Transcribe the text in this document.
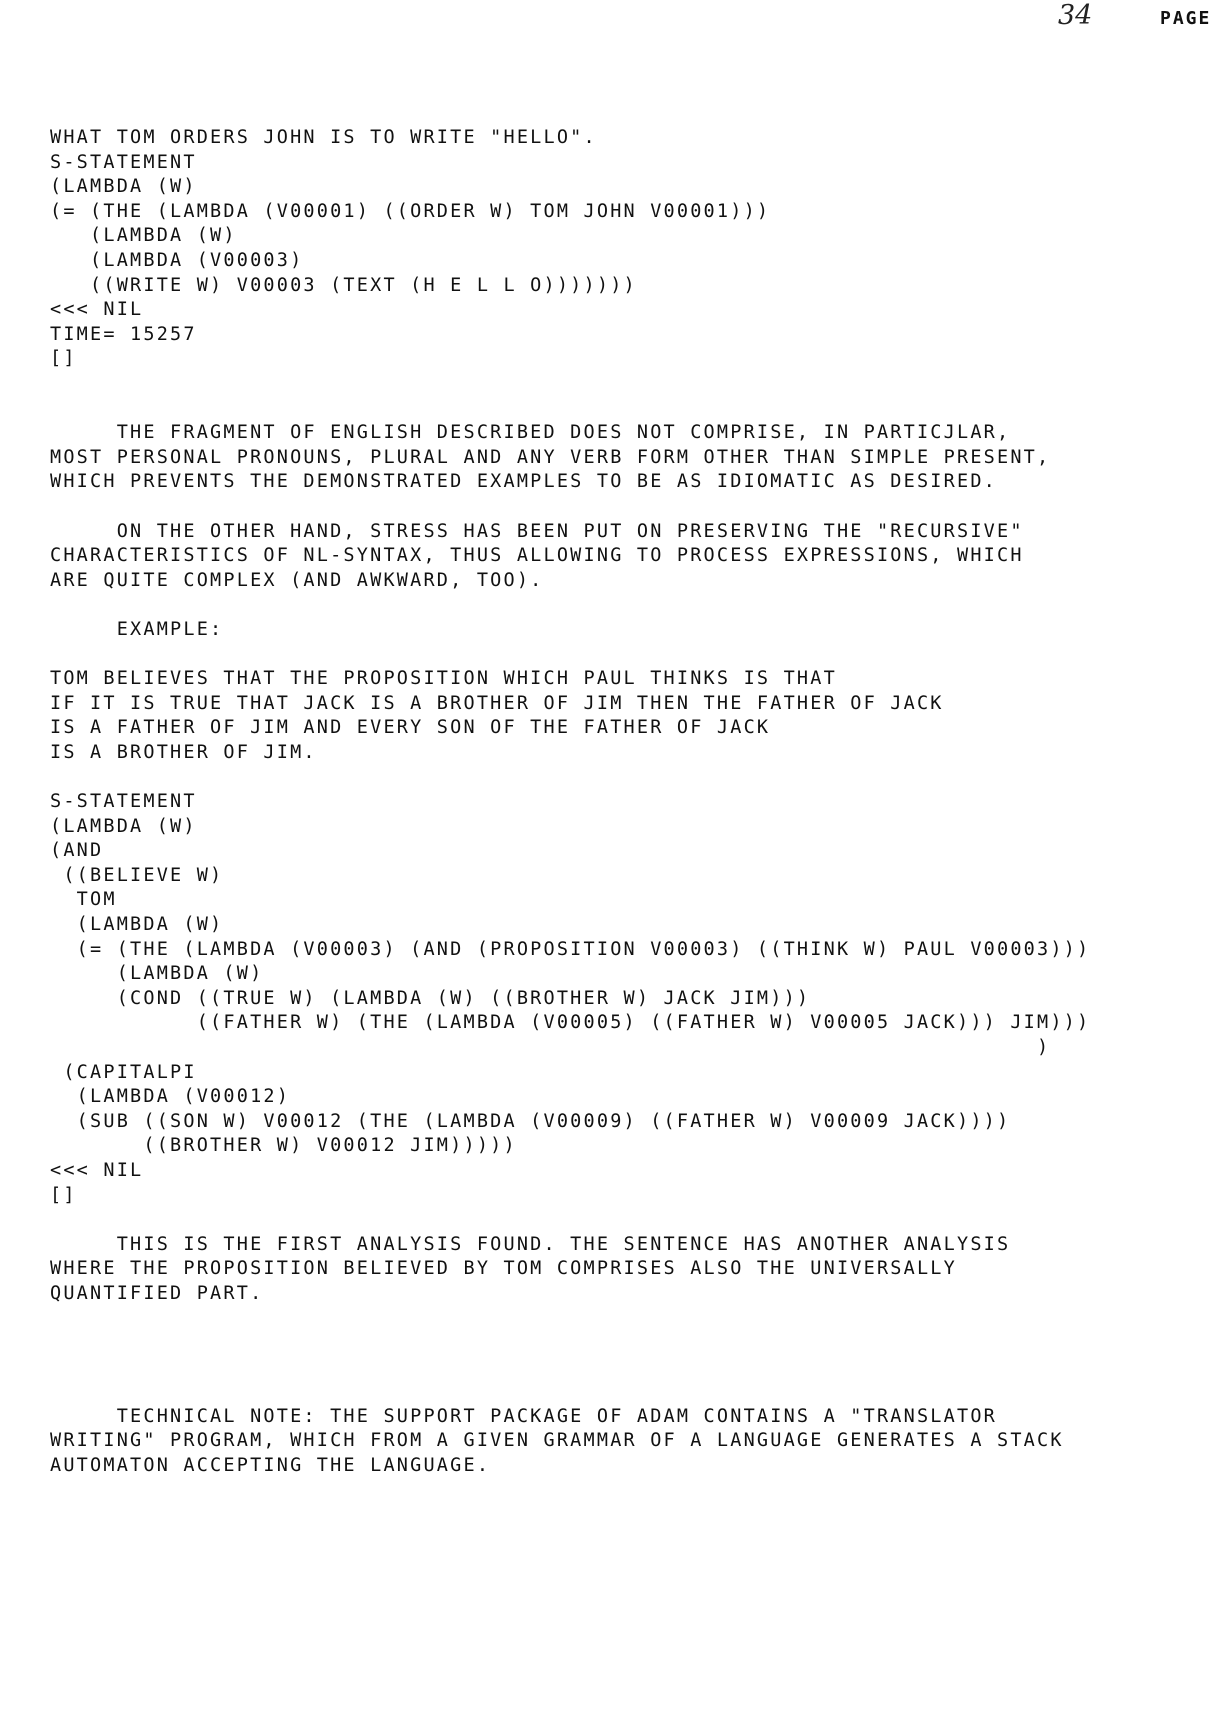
34	PAGE
WHAT TOM ORDERS JOHN IS TO WRITE "HELLO".
S-STATEMENT
(LAMBDA (W)
(= (THE (LAMBDA (V00001) ((ORDER W) TOM JOHN V00001)))
(LAMBDA (W)
(LAMBDA (V00003)
((WRITE W) V00003 (TEXT (H E L L O)))))))
<<< NIL
TIME= 15257
[]
THE FRAGMENT OF ENGLISH DESCRIBED DOES NOT COMPRISE, IN PARTICJLAR,
MOST PERSONAL PRONOUNS, PLURAL AND ANY VERB FORM OTHER THAN SIMPLE PRESENT,
WHICH PREVENTS THE DEMONSTRATED EXAMPLES TO BE AS IDIOMATIC AS DESIRED.
ON THE OTHER HAND, STRESS HAS BEEN PUT ON PRESERVING THE "RECURSIVE"
CHARACTERISTICS OF NL-SYNTAX, THUS ALLOWING TO PROCESS EXPRESSIONS, WHICH
ARE QUITE COMPLEX (AND AWKWARD, TOO).
EXAMPLE:
TOM BELIEVES THAT THE PROPOSITION WHICH PAUL THINKS IS THAT
IF IT IS TRUE THAT JACK IS A BROTHER OF JIM THEN THE FATHER OF JACK
IS A FATHER OF JIM AND EVERY SON OF THE FATHER OF JACK
IS A BROTHER OF JIM.
S-STATEMENT
(LAMBDA (W)
(AND
((BELIEVE W)
TOM
(LAMBDA (W)
(= (THE (LAMBDA (V00003) (AND (PROPOSITION V00003) ((THINK W) PAUL V00003)))
(LAMBDA (W)
(COND ((TRUE W) (LAMBDA (W) ((BROTHER W) JACK JIM)))
((FATHER W) (THE (LAMBDA (V00005) ((FATHER W) V00005 JACK))) JIM)))
)
(CAPITALPI
(LAMBDA (V00012)
(SUB ((SON W) V00012 (THE (LAMBDA (V00009) ((FATHER W) V00009 JACK))))
((BROTHER W) V00012 JIM)))))
<<< NIL
[]
THIS IS THE FIRST ANALYSIS FOUND. THE SENTENCE HAS ANOTHER ANALYSIS
WHERE THE PROPOSITION BELIEVED BY TOM COMPRISES ALSO THE UNIVERSALLY
QUANTIFIED PART.
TECHNICAL NOTE: THE SUPPORT PACKAGE OF ADAM CONTAINS A "TRANSLATOR
WRITING" PROGRAM, WHICH FROM A GIVEN GRAMMAR OF A LANGUAGE GENERATES A STACK
AUTOMATON ACCEPTING THE LANGUAGE.
